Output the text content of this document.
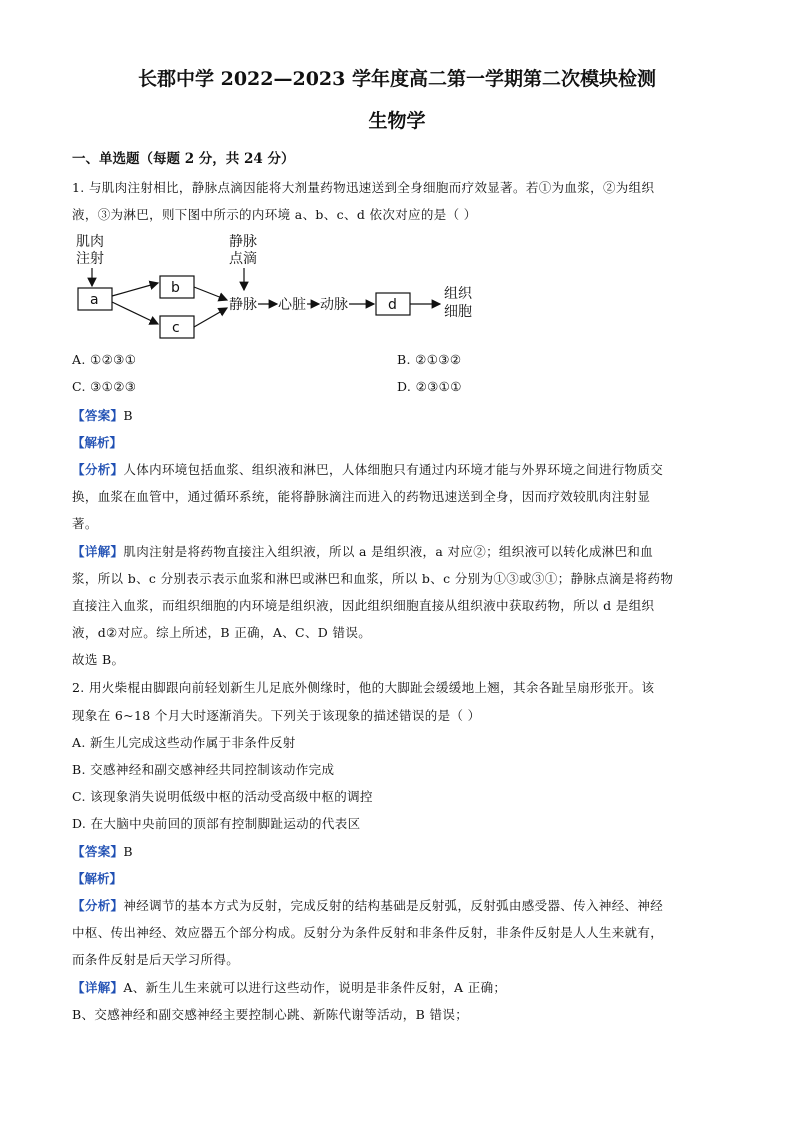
长郡中学 2022—2023 学年度高二第一学期第二次模块检测
生物学
一、单选题（每题 2 分，共 24 分）
1. 与肌肉注射相比，静脉点滴因能将大剂量药物迅速送到全身细胞而疗效显著。若①为血浆，②为组织
液，③为淋巴，则下图中所示的内环境 a、b、c、d 依次对应的是（ ）
肌肉
注射
a
b
c
静脉
点滴
静脉 心脏 动脉	d
组织
细胞
A. ①②③①	B. ②①③②
C. ③①②③	D. ②③①①
【答案】B
【解析】
【分析】人体内环境包括血浆、组织液和淋巴，人体细胞只有通过内环境才能与外界环境之间进行物质交
换，血浆在血管中，通过循环系统，能将静脉滴注而进入的药物迅速送到全身，因而疗效较肌肉注射显
著。
【详解】肌肉注射是将药物直接注入组织液，所以 a 是组织液，a 对应②；组织液可以转化成淋巴和血
浆，所以 b、c 分别表示表示血浆和淋巴或淋巴和血浆，所以 b、c 分别为①③或③①；静脉点滴是将药物
直接注入血浆，而组织细胞的内环境是组织液，因此组织细胞直接从组织液中获取药物，所以 d 是组织
液，d②对应。综上所述，B 正确，A、C、D 错误。
故选 B。
2. 用火柴棍由脚跟向前轻划新生儿足底外侧缘时，他的大脚趾会缓缓地上翘，其余各趾呈扇形张开。该
现象在 6~18 个月大时逐渐消失。下列关于该现象的描述错误的是（ ）
A. 新生儿完成这些动作属于非条件反射
B. 交感神经和副交感神经共同控制该动作完成
C. 该现象消失说明低级中枢的活动受高级中枢的调控
D. 在大脑中央前回的顶部有控制脚趾运动的代表区
【答案】B
【解析】
【分析】神经调节的基本方式为反射，完成反射的结构基础是反射弧，反射弧由感受器、传入神经、神经
中枢、传出神经、效应器五个部分构成。反射分为条件反射和非条件反射，非条件反射是人人生来就有，
而条件反射是后天学习所得。
【详解】A、新生儿生来就可以进行这些动作，说明是非条件反射，A 正确；
B、交感神经和副交感神经主要控制心跳、新陈代谢等活动，B 错误；
